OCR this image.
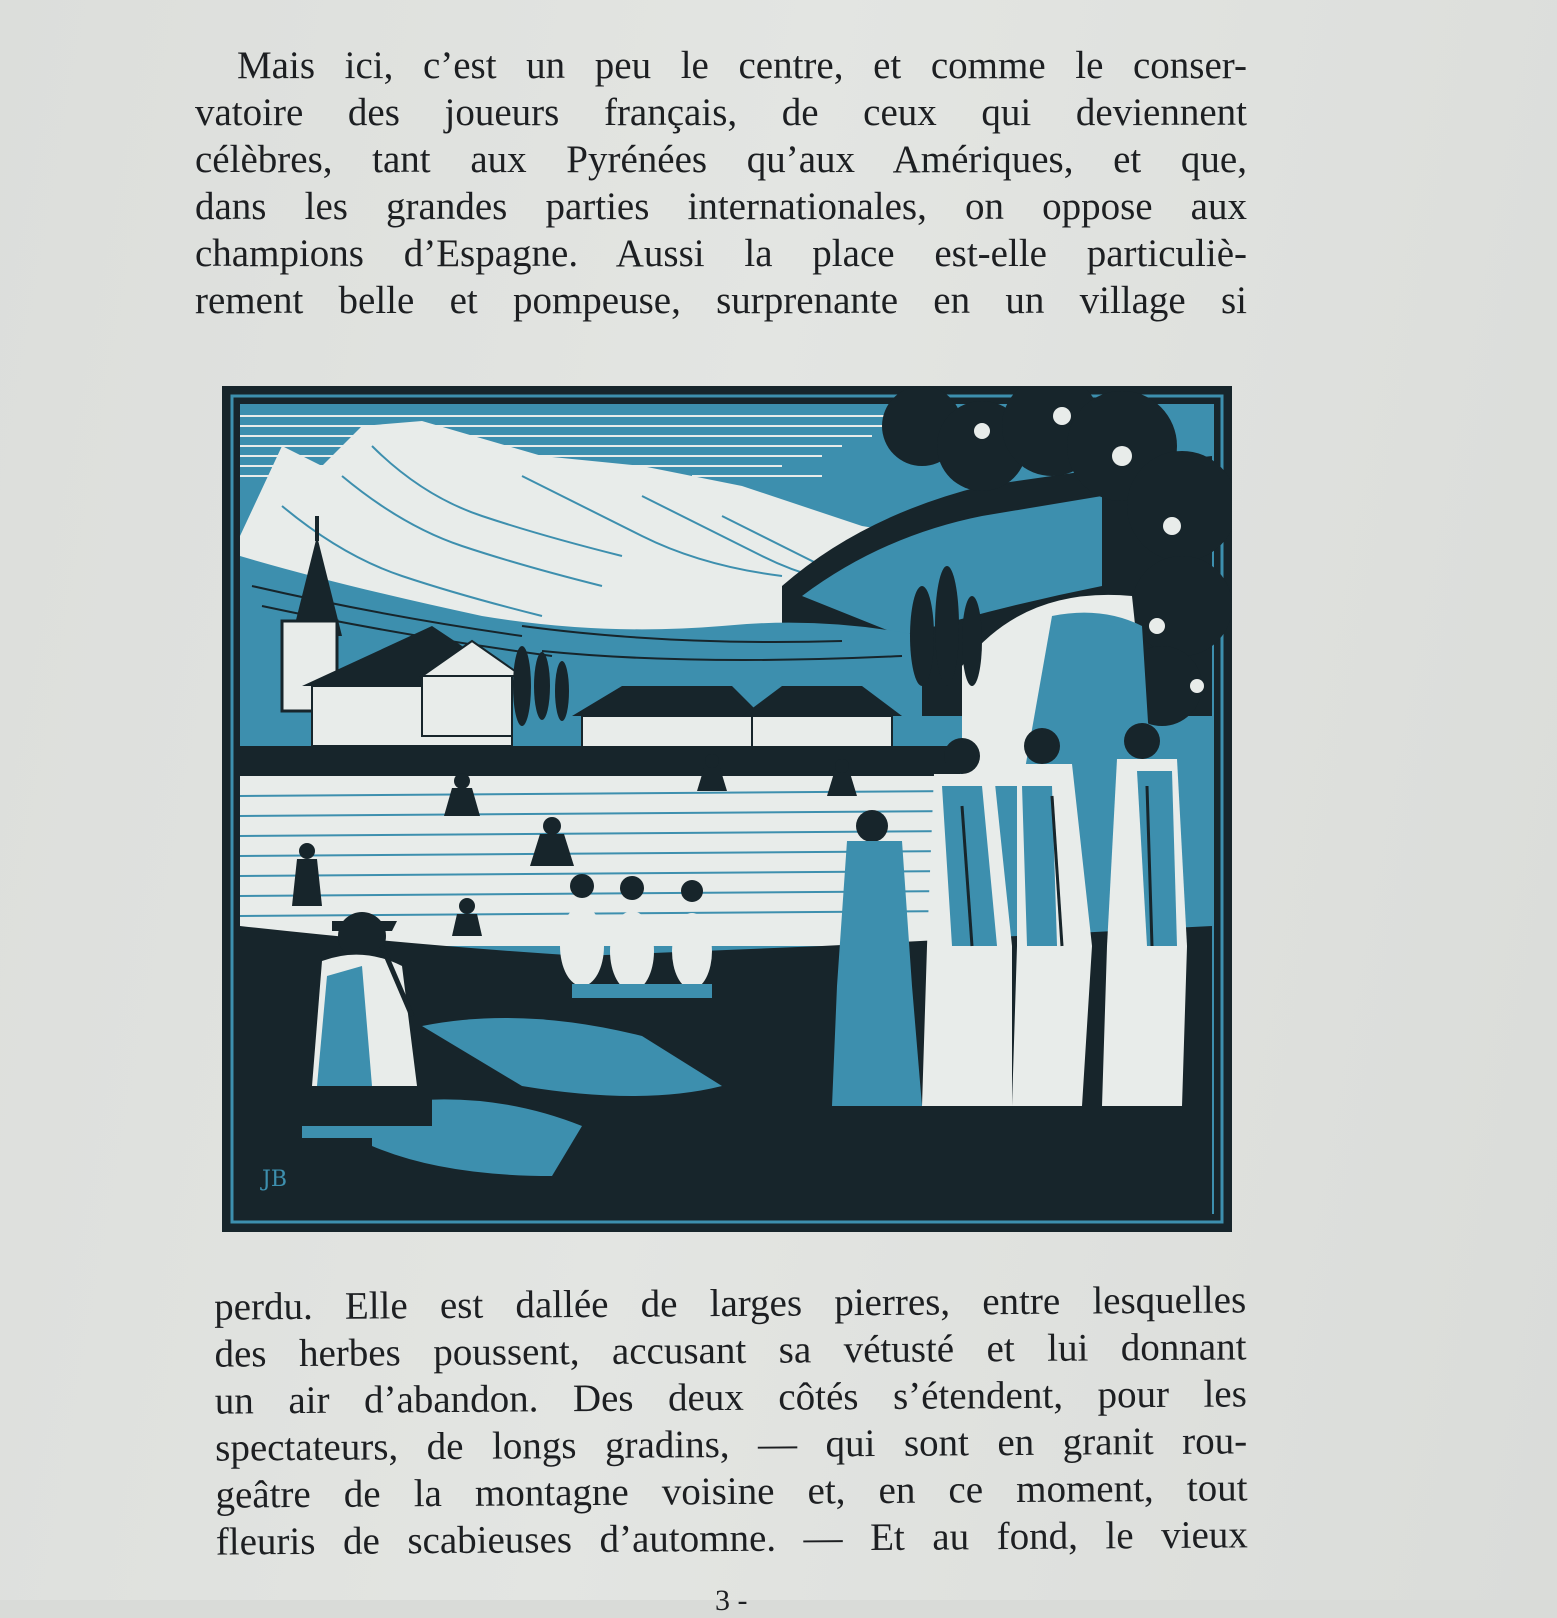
Mais ici, c’est un peu le centre, et comme le conser-
vatoire des joueurs français, de ceux qui deviennent
célèbres, tant aux Pyrénées qu’aux Amériques, et que,
dans les grandes parties internationales, on oppose aux
champions d’Espagne. Aussi la place est-elle particuliè-
rement belle et pompeuse, surprenante en un village si
JB
perdu. Elle est dallée de larges pierres, entre lesquelles
des herbes poussent, accusant sa vétusté et lui donnant
un air d’abandon. Des deux côtés s’étendent, pour les
spectateurs, de longs gradins, — qui sont en granit rou-
geâtre de la montagne voisine et, en ce moment, tout
fleuris de scabieuses d’automne. — Et au fond, le vieux
3 -
